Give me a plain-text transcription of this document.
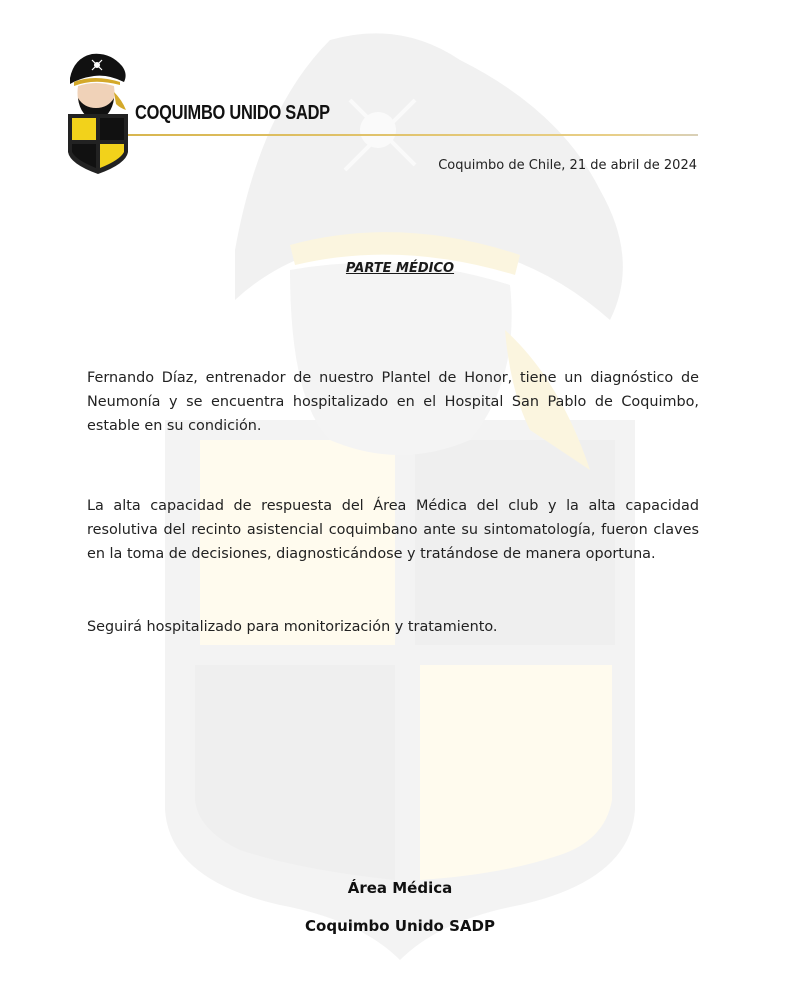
COQUIMBO UNIDO SADP
Coquimbo de Chile, 21 de abril de 2024
PARTE MÉDICO
Fernando Díaz, entrenador de nuestro Plantel de Honor, tiene un diagnóstico de Neumonía y se encuentra hospitalizado en el Hospital San Pablo de Coquimbo, estable en su condición.
La alta capacidad de respuesta del Área Médica del club y la alta capacidad resolutiva del recinto asistencial coquimbano ante su sintomatología, fueron claves en la toma de decisiones, diagnosticándose y tratándose de manera oportuna.
Seguirá hospitalizado para monitorización y tratamiento.
Área Médica
Coquimbo Unido SADP
